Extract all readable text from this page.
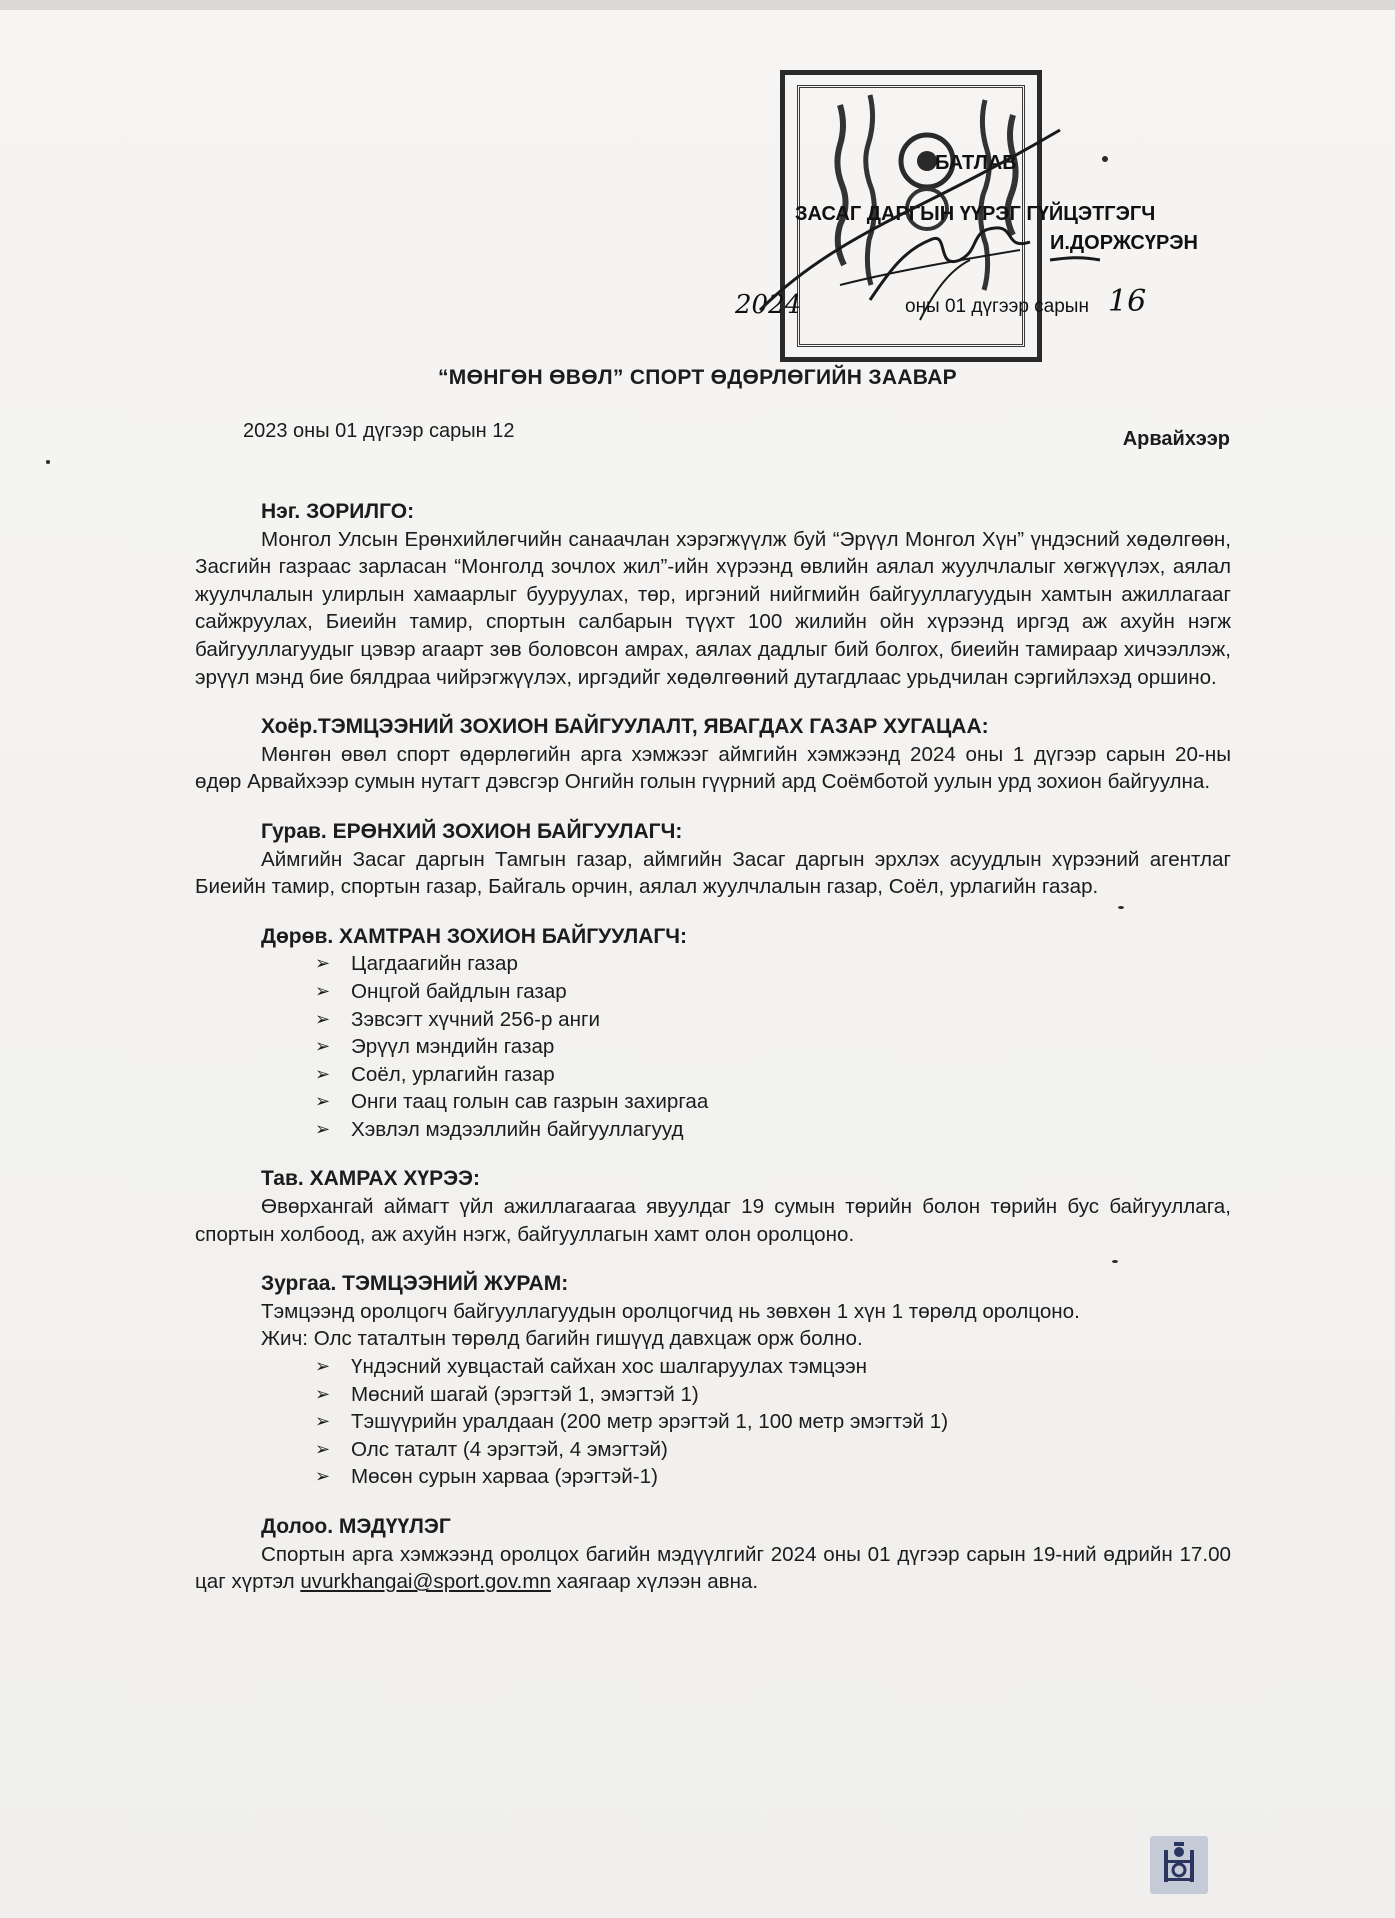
БАТЛАВ
ЗАСАГ ДАРГЫН ҮҮРЭГ ГҮЙЦЭТГЭГЧ
И.ДОРЖСҮРЭН
2024	оны 01 дүгээр сарын 16
“МӨНГӨН ӨВӨЛ” СПОРТ ӨДӨРЛӨГИЙН ЗААВАР
2023 оны 01 дүгээр сарын 12	Арвайхээр
Нэг. ЗОРИЛГО:

Монгол Улсын Ерөнхийлөгчийн санаачлан хэрэгжүүлж буй “Эрүүл Монгол Хүн” үндэсний хөдөлгөөн, Засгийн газраас зарласан “Монголд зочлох жил”-ийн хүрээнд өвлийн аялал жуулчлалыг хөгжүүлэх, аялал жуулчлалын улирлын хамаарлыг бууруулах, төр, иргэний нийгмийн байгууллагуудын хамтын ажиллагааг сайжруулах, Биеийн тамир, спортын салбарын түүхт 100 жилийн ойн хүрээнд иргэд аж ахуйн нэгж байгууллагуудыг цэвэр агаарт зөв боловсон амрах, аялах дадлыг бий болгох, биеийн тамираар хичээллэж, эрүүл мэнд бие бялдраа чийрэгжүүлэх, иргэдийг хөдөлгөөний дутагдлаас урьдчилан сэргийлэхэд оршино.

Хоёр.ТЭМЦЭЭНИЙ ЗОХИОН БАЙГУУЛАЛТ, ЯВАГДАХ ГАЗАР ХУГАЦАА:

Мөнгөн өвөл спорт өдөрлөгийн арга хэмжээг аймгийн хэмжээнд 2024 оны 1 дүгээр сарын 20-ны өдөр Арвайхээр сумын нутагт дэвсгэр Онгийн голын гүүрний ард Соёмботой уулын урд зохион байгуулна.

Гурав. ЕРӨНХИЙ ЗОХИОН БАЙГУУЛАГЧ:

Аймгийн Засаг даргын Тамгын газар, аймгийн Засаг даргын эрхлэх асуудлын хүрээний агентлаг Биеийн тамир, спортын газар, Байгаль орчин, аялал жуулчлалын газар, Соёл, урлагийн газар.

Дөрөв. ХАМТРАН ЗОХИОН БАЙГУУЛАГЧ:
➢ Цагдаагийн газар
➢ Онцгой байдлын газар
➢ Зэвсэгт хүчний 256-р анги
➢ Эрүүл мэндийн газар
➢ Соёл, урлагийн газар
➢ Онги таац голын сав газрын захиргаа
➢ Хэвлэл мэдээллийн байгууллагууд
Тав. ХАМРАХ ХҮРЭЭ:

Өвөрхангай аймагт үйл ажиллагаагаа явуулдаг 19 сумын төрийн болон төрийн бус байгууллага, спортын холбоод, аж ахуйн нэгж, байгууллагын хамт олон оролцоно.

Зургаа. ТЭМЦЭЭНИЙ ЖУРАМ:

Тэмцээнд оролцогч байгууллагуудын оролцогчид нь зөвхөн 1 хүн 1 төрөлд оролцоно.

Жич: Олс таталтын төрөлд багийн гишүүд давхцаж орж болно.

➢ Үндэсний хувцастай сайхан хос шалгаруулах тэмцээн
➢ Мөсний шагай (эрэгтэй 1, эмэгтэй 1)
➢ Тэшүүрийн уралдаан (200 метр эрэгтэй 1, 100 метр эмэгтэй 1)
➢ Олс таталт (4 эрэгтэй, 4 эмэгтэй)
➢ Мөсөн сурын харваа (эрэгтэй-1)
Долоо. МЭДҮҮЛЭГ

Спортын арга хэмжээнд оролцох багийн мэдүүлгийг 2024 оны 01 дүгээр сарын 19-ний өдрийн 17.00 цаг хүртэл uvurkhangai@sport.gov.mn хаягаар хүлээн авна.
